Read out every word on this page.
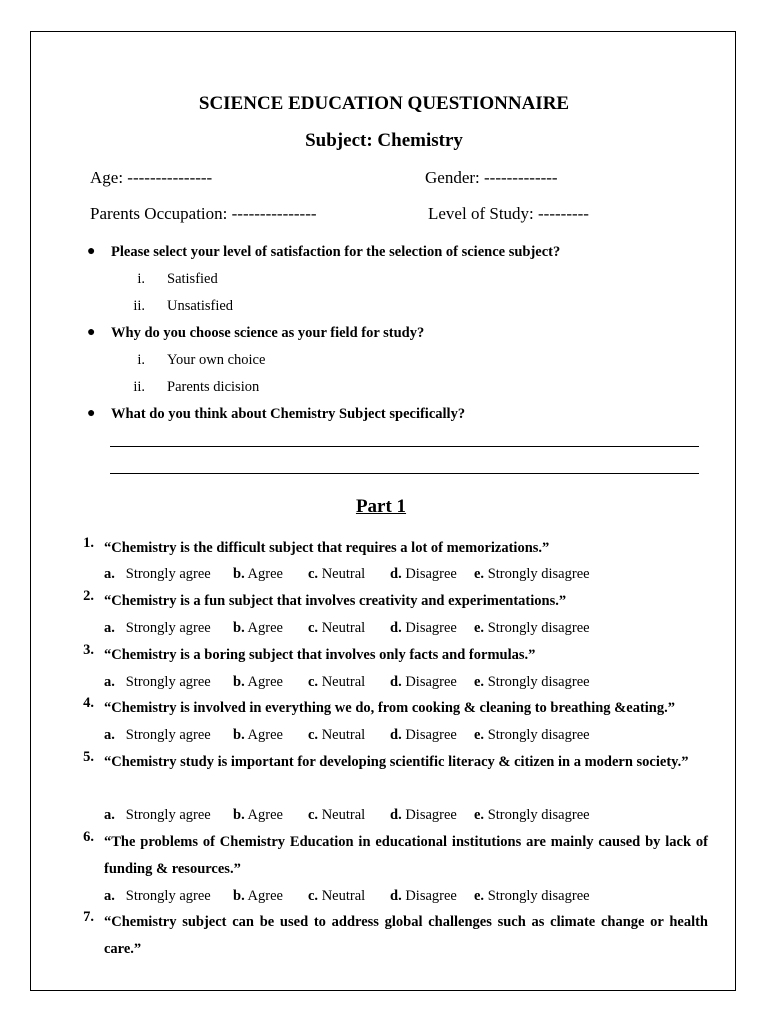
SCIENCE EDUCATION QUESTIONNAIRE
Subject: Chemistry
Age: ---------------	Gender: -------------
Parents Occupation: ---------------	Level of Study: ---------
● Please select your level of satisfaction for the selection of science subject?
i. Satisfied
ii. Unsatisfied
● Why do you choose science as your field for study?
i. Your own choice
ii. Parents dicision
● What do you think about Chemistry Subject specifically?
Part 1
1. “Chemistry is the difficult subject that requires a lot of memorizations.”
a. Strongly agree b. Agree c. Neutral d. Disagree e. Strongly disagree
2. “Chemistry is a fun subject that involves creativity and experimentations.”
a. Strongly agree b. Agree c. Neutral d. Disagree e. Strongly disagree
3. “Chemistry is a boring subject that involves only facts and formulas.”
a. Strongly agree b. Agree c. Neutral d. Disagree e. Strongly disagree
4. “Chemistry is involved in everything we do, from cooking & cleaning to breathing &eating.”
a. Strongly agree b. Agree c. Neutral d. Disagree e. Strongly disagree
5. “Chemistry study is important for developing scientific literacy & citizen in a modern society.”
a. Strongly agree b. Agree c. Neutral d. Disagree e. Strongly disagree
6. “The problems of Chemistry Education in educational institutions are mainly caused by lack of funding & resources.”
a. Strongly agree b. Agree c. Neutral d. Disagree e. Strongly disagree
7. “Chemistry subject can be used to address global challenges such as climate change or health care.”
